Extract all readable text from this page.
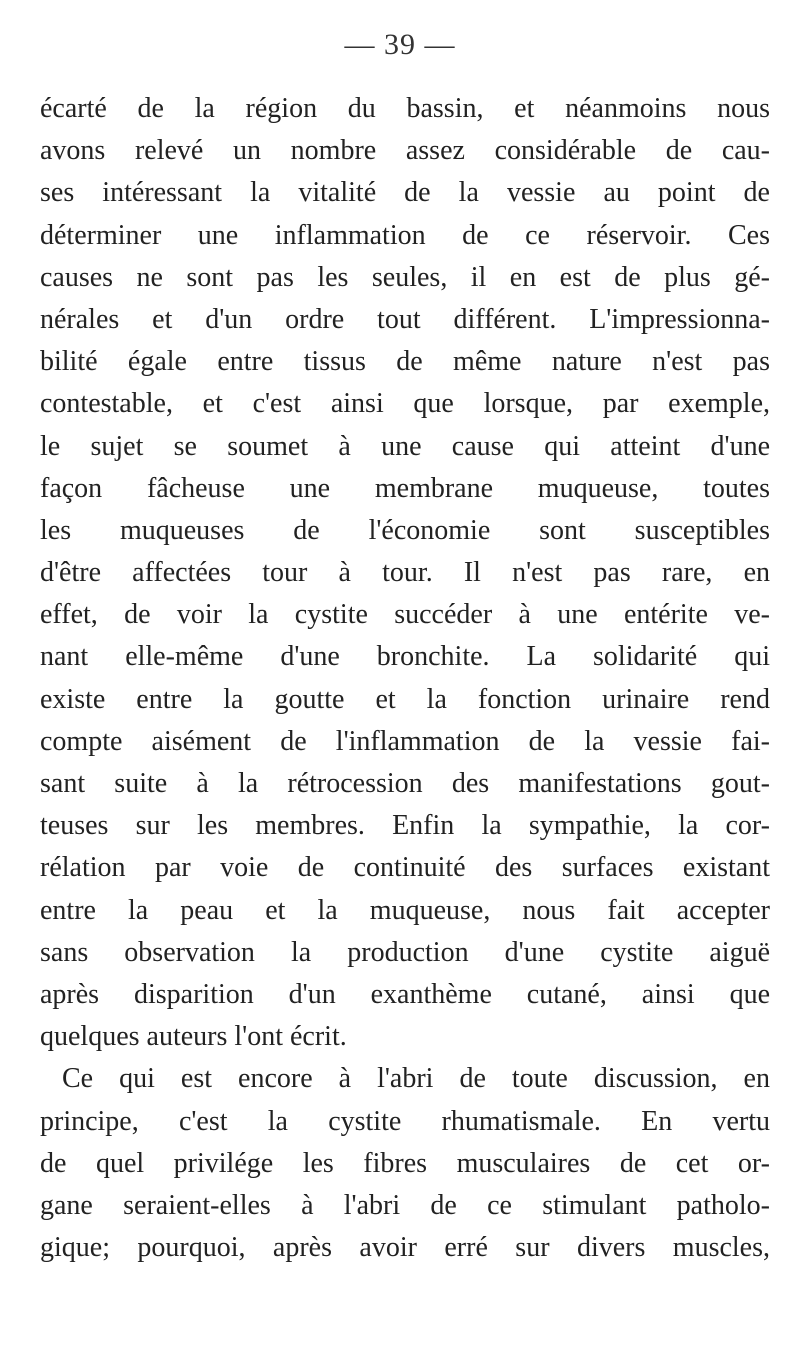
— 39 —
écarté de la région du bassin, et néanmoins nous
avons relevé un nombre assez considérable de cau-
ses intéressant la vitalité de la vessie au point de
déterminer une inflammation de ce réservoir. Ces
causes ne sont pas les seules, il en est de plus gé-
nérales et d'un ordre tout différent. L'impressionna-
bilité égale entre tissus de même nature n'est pas
contestable, et c'est ainsi que lorsque, par exemple,
le sujet se soumet à une cause qui atteint d'une
façon fâcheuse une membrane muqueuse, toutes
les muqueuses de l'économie sont susceptibles
d'être affectées tour à tour. Il n'est pas rare, en
effet, de voir la cystite succéder à une entérite ve-
nant elle-même d'une bronchite. La solidarité qui
existe entre la goutte et la fonction urinaire rend
compte aisément de l'inflammation de la vessie fai-
sant suite à la rétrocession des manifestations gout-
teuses sur les membres. Enfin la sympathie, la cor-
rélation par voie de continuité des surfaces existant
entre la peau et la muqueuse, nous fait accepter
sans observation la production d'une cystite aiguë
après disparition d'un exanthème cutané, ainsi que
quelques auteurs l'ont écrit.
Ce qui est encore à l'abri de toute discussion, en
principe, c'est la cystite rhumatismale. En vertu
de quel privilége les fibres musculaires de cet or-
gane seraient-elles à l'abri de ce stimulant patholo-
gique; pourquoi, après avoir erré sur divers muscles,
